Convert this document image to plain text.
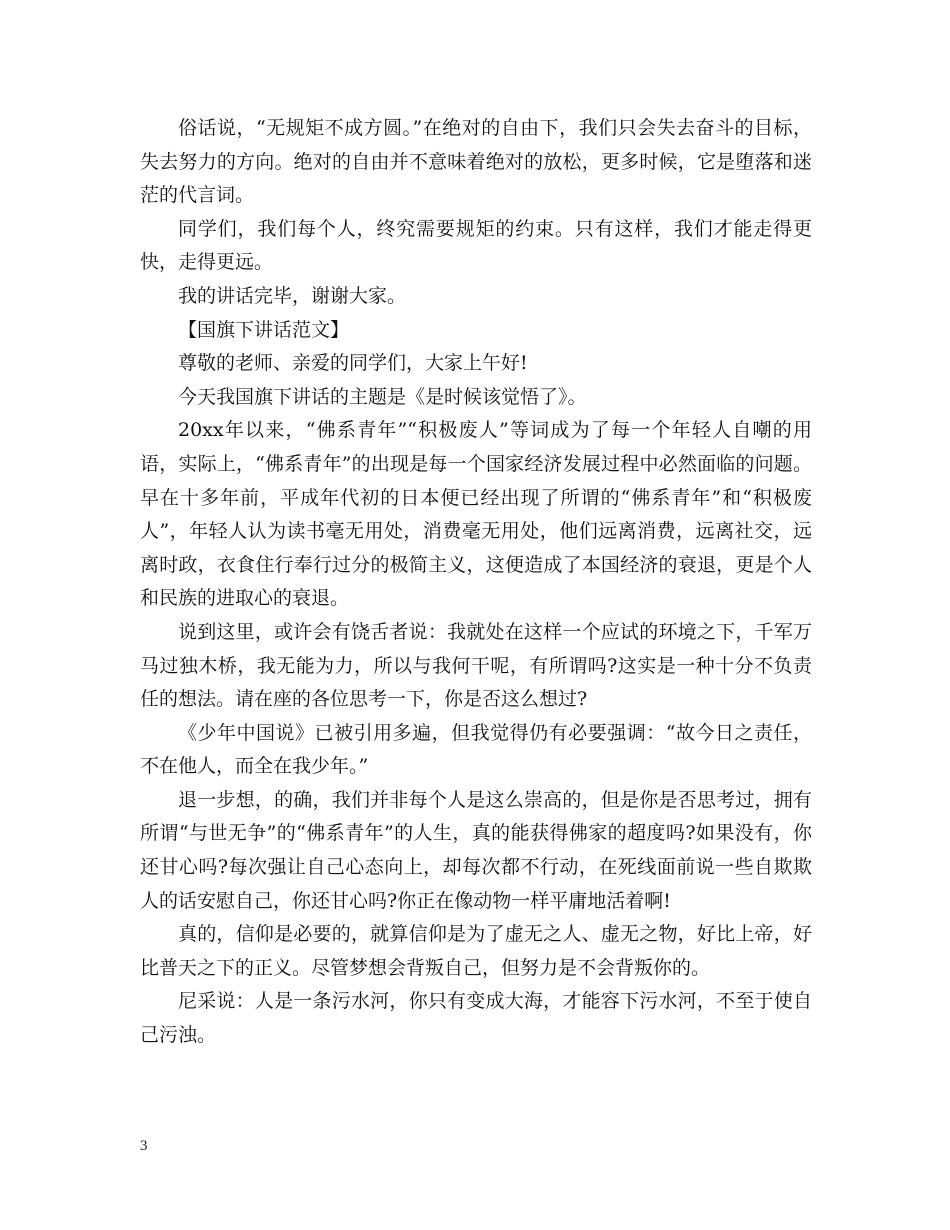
俗话说，“无规矩不成方圆。”在绝对的自由下，我们只会失去奋斗的目标，失去努力的方向。绝对的自由并不意味着绝对的放松，更多时候，它是堕落和迷茫的代言词。

同学们，我们每个人，终究需要规矩的约束。只有这样，我们才能走得更快，走得更远。

我的讲话完毕，谢谢大家。

【国旗下讲话范文】

尊敬的老师、亲爱的同学们，大家上午好!

今天我国旗下讲话的主题是《是时候该觉悟了》。

20xx年以来，“佛系青年”“积极废人”等词成为了每一个年轻人自嘲的用语，实际上，“佛系青年”的出现是每一个国家经济发展过程中必然面临的问题。早在十多年前，平成年代初的日本便已经出现了所谓的“佛系青年”和“积极废人”，年轻人认为读书毫无用处，消费毫无用处，他们远离消费，远离社交，远离时政，衣食住行奉行过分的极简主义，这便造成了本国经济的衰退，更是个人和民族的进取心的衰退。

说到这里，或许会有饶舌者说：我就处在这样一个应试的环境之下，千军万马过独木桥，我无能为力，所以与我何干呢，有所谓吗?这实是一种十分不负责任的想法。请在座的各位思考一下，你是否这么想过?

《少年中国说》已被引用多遍，但我觉得仍有必要强调：“故今日之责任，不在他人，而全在我少年。”

退一步想，的确，我们并非每个人是这么崇高的，但是你是否思考过，拥有所谓“与世无争”的“佛系青年”的人生，真的能获得佛家的超度吗?如果没有，你还甘心吗?每次强让自己心态向上，却每次都不行动，在死线面前说一些自欺欺人的话安慰自己，你还甘心吗?你正在像动物一样平庸地活着啊!

真的，信仰是必要的，就算信仰是为了虚无之人、虚无之物，好比上帝，好比普天之下的正义。尽管梦想会背叛自己，但努力是不会背叛你的。

尼采说：人是一条污水河，你只有变成大海，才能容下污水河，不至于使自己污浊。

3
